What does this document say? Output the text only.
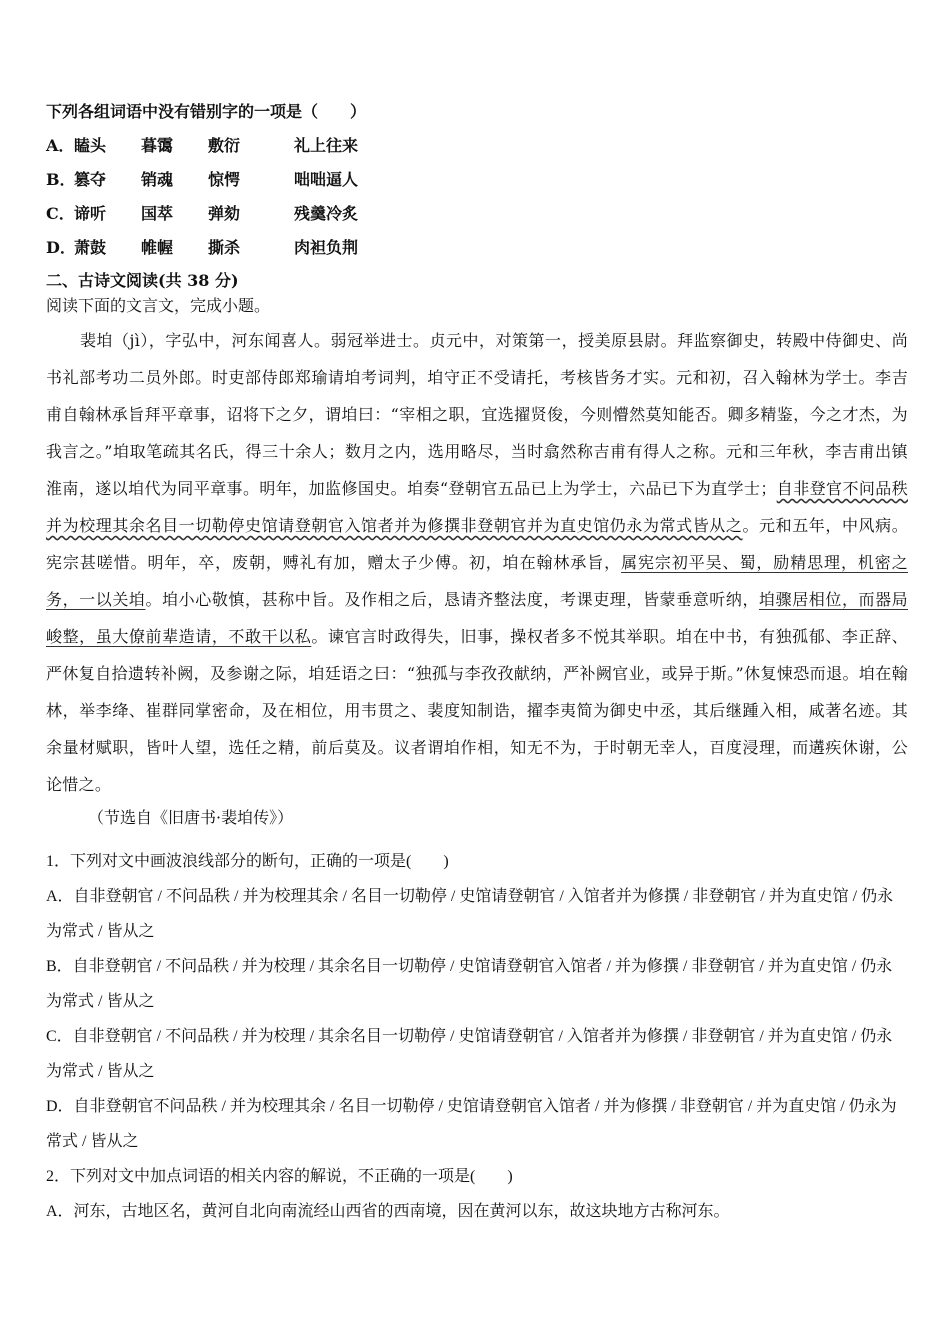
下列各组词语中没有错别字的一项是（　　）
A．瞌头 暮霭 敷衍	礼上往来
B．篡夺 销魂 惊愕	咄咄逼人
C．谛听 国萃 弹劾	残羹冷炙
D．萧鼓 帷幄 撕杀	肉袒负荆
二、古诗文阅读(共 38 分)
阅读下面的文言文，完成小题。
裴垍（jì），字弘中，河东闻喜人。弱冠举进士。贞元中，对策第一，授美原县尉。拜监察御史，转殿中侍御史、尚书礼部考功二员外郎。时吏部侍郎郑瑜请垍考词判，垍守正不受请托，考核皆务才实。元和初，召入翰林为学士。李吉甫自翰林承旨拜平章事，诏将下之夕，谓垍曰：“宰相之职，宜选擢贤俊，今则懵然莫知能否。卿多精鉴，今之才杰，为我言之。”垍取笔疏其名氏，得三十余人；数月之内，选用略尽，当时翕然称吉甫有得人之称。元和三年秋，李吉甫出镇淮南，遂以垍代为同平章事。明年，加监修国史。垍奏“登朝官五品已上为学士，六品已下为直学士；自非登官不问品秩并为校理其余名目一切勒停史馆请登朝官入馆者并为修撰非登朝官并为直史馆仍永为常式皆从之。元和五年，中风病。宪宗甚嗟惜。明年，卒，废朝，赙礼有加，赠太子少傅。初，垍在翰林承旨，属宪宗初平吴、蜀，励精思理，机密之务，一以关垍。垍小心敬慎，甚称中旨。及作相之后，恳请齐整法度，考课吏理，皆蒙垂意听纳，垍骤居相位，而器局峻整，虽大僚前辈造请，不敢干以私。谏官言时政得失，旧事，操权者多不悦其举职。垍在中书，有独孤郁、李正辞、严休复自拾遗转补阙，及参谢之际，垍廷语之曰：“独孤与李孜孜献纳，严补阙官业，或异于斯。”休复悚恐而退。垍在翰林，举李绛、崔群同掌密命，及在相位，用韦贯之、裴度知制诰，擢李夷简为御史中丞，其后继踵入相，咸著名迹。其余量材赋职，皆叶人望，选任之精，前后莫及。议者谓垍作相，知无不为，于时朝无幸人，百度浸理，而遘疾休谢，公论惜之。
（节选自《旧唐书·裴垍传》）
1．下列对文中画波浪线部分的断句，正确的一项是(　　)
A．自非登朝官 / 不问品秩 / 并为校理其余 / 名目一切勒停 / 史馆请登朝官 / 入馆者并为修撰 / 非登朝官 / 并为直史馆 / 仍永为常式 / 皆从之
B．自非登朝官 / 不问品秩 / 并为校理 / 其余名目一切勒停 / 史馆请登朝官入馆者 / 并为修撰 / 非登朝官 / 并为直史馆 / 仍永为常式 / 皆从之
C．自非登朝官 / 不问品秩 / 并为校理 / 其余名目一切勒停 / 史馆请登朝官 / 入馆者并为修撰 / 非登朝官 / 并为直史馆 / 仍永为常式 / 皆从之
D．自非登朝官不问品秩 / 并为校理其余 / 名目一切勒停 / 史馆请登朝官入馆者 / 并为修撰 / 非登朝官 / 并为直史馆 / 仍永为常式 / 皆从之
2．下列对文中加点词语的相关内容的解说，不正确的一项是(　　)
A．河东，古地区名，黄河自北向南流经山西省的西南境，因在黄河以东，故这块地方古称河东。
